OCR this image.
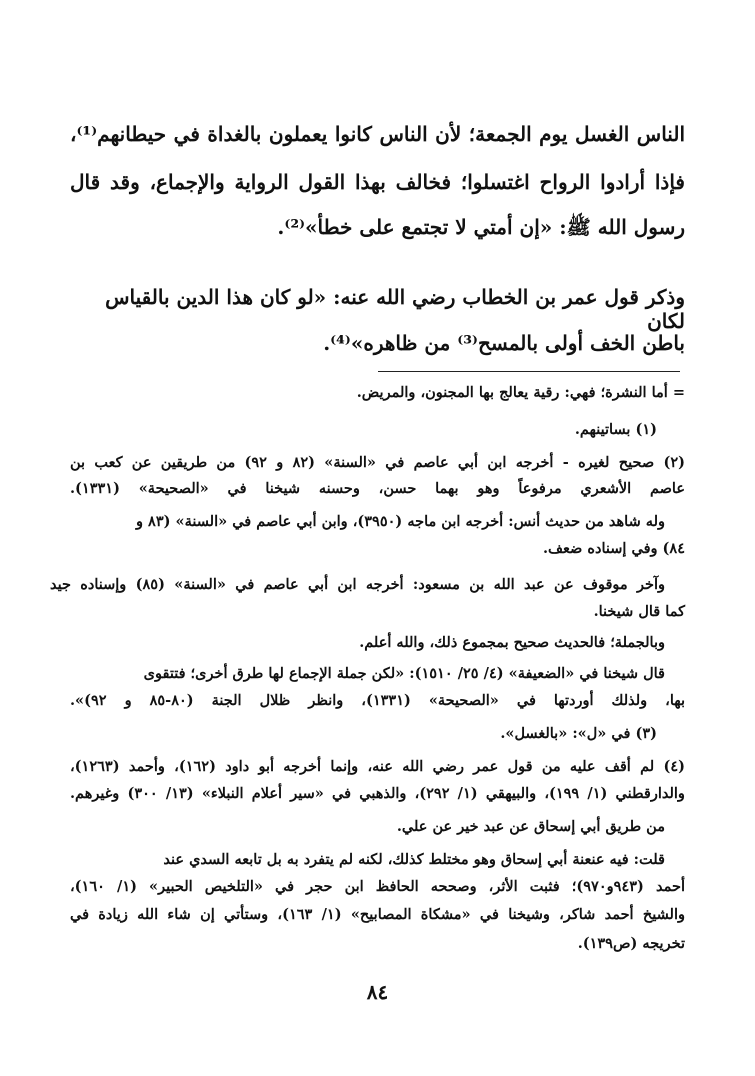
الناس الغسل يوم الجمعة؛ لأن الناس كانوا يعملون بالغداة في حيطانهم⁽¹⁾،
فإذا أرادوا الرواح اغتسلوا؛ فخالف بهذا القول الرواية والإجماع، وقد قال
رسول الله ﷺ: «إن أمتي لا تجتمع على خطأ»⁽²⁾.
وذكر قول عمر بن الخطاب رضي الله عنه: «لو كان هذا الدين بالقياس لكان
باطن الخف أولى بالمسح⁽³⁾ من ظاهره»⁽⁴⁾.
= أما النشرة؛ فهي: رقية يعالج بها المجنون، والمريض.
(١) بساتينهم.
(٢) صحيح لغيره - أخرجه ابن أبي عاصم في «السنة» (٨٢ و ٩٢) من طريقين عن كعب بن
عاصم الأشعري مرفوعاً وهو بهما حسن، وحسنه شيخنا في «الصحيحة» (١٣٣١).
وله شاهد من حديث أنس: أخرجه ابن ماجه (٣٩٥٠)، وابن أبي عاصم في «السنة» (٨٣ و
٨٤) وفي إسناده ضعف.
وآخر موقوف عن عبد الله بن مسعود: أخرجه ابن أبي عاصم في «السنة» (٨٥) وإسناده جيد
كما قال شيخنا.
وبالجملة؛ فالحديث صحيح بمجموع ذلك، والله أعلم.
قال شيخنا في «الضعيفة» (٤/ ٢٥/ ١٥١٠): «لكن جملة الإجماع لها طرق أخرى؛ فتتقوى
بها، ولذلك أوردتها في «الصحيحة» (١٣٣١)، وانظر ظلال الجنة (٨٠-٨٥ و ٩٢)».
(٣) في «ل»: «بالغسل».
(٤) لم أقف عليه من قول عمر رضي الله عنه، وإنما أخرجه أبو داود (١٦٢)، وأحمد (١٢٦٣)،
والدارقطني (١/ ١٩٩)، والبيهقي (١/ ٢٩٢)، والذهبي في «سير أعلام النبلاء» (١٣/ ٣٠٠) وغيرهم.
من طريق أبي إسحاق عن عبد خير عن علي.
قلت: فيه عنعنة أبي إسحاق وهو مختلط كذلك، لكنه لم يتفرد به بل تابعه السدي عند
أحمد (٩٤٣و٩٧٠)؛ فثبت الأثر، وصححه الحافظ ابن حجر في «التلخيص الحبير» (١/ ١٦٠)،
والشيخ أحمد شاكر، وشيخنا في «مشكاة المصابيح» (١/ ١٦٣)، وستأتي إن شاء الله زيادة في
تخريجه (ص١٣٩).
٨٤
